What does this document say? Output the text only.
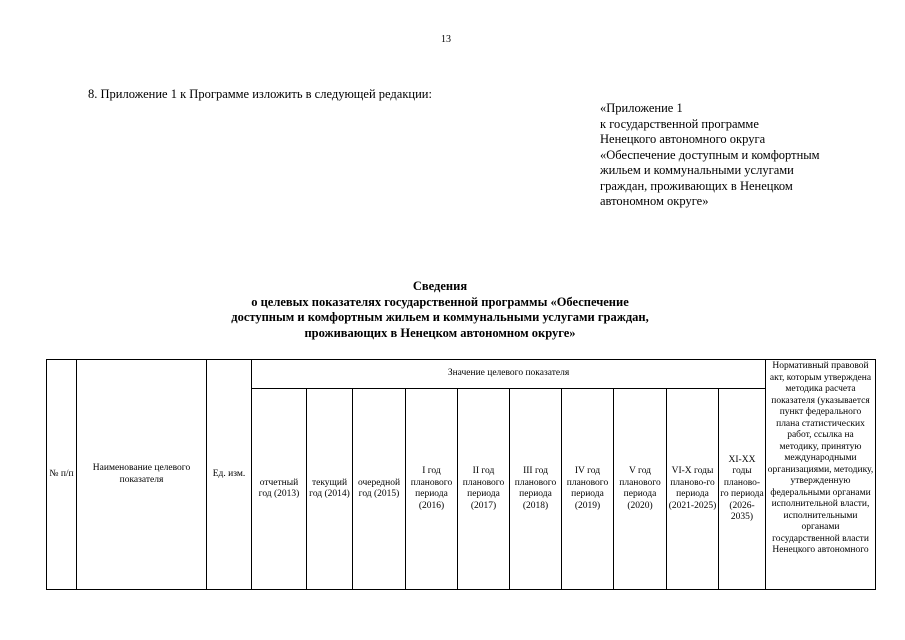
13
8. Приложение 1 к Программе изложить в следующей редакции:
«Приложение 1
к государственной программе
Ненецкого автономного округа
«Обеспечение доступным и комфортным
жильем и коммунальными услугами
граждан, проживающих в Ненецком
автономном округе»
Сведения
о целевых показателях государственной программы «Обеспечение
доступным и комфортным жильем и коммунальными услугами граждан,
проживающих в Ненецком автономном округе»
№ п/п	Наименование целевого показателя	Ед. изм.	Значение целевого показателя										Нормативный правовой акт, которым утверждена методика расчета показателя (указывается пункт федерального плана статистических работ, ссылка на методику, принятую международными организациями, методику, утвержденную федеральными органами исполнительной власти, исполнительными органами государственной власти Ненецкого автономного

			отчетный год (2013)	текущий год (2014)	очередной год (2015)	I год планового периода (2016)	II год планового периода (2017)	III год планового периода (2018)	IV год планового периода (2019)	V год планового периода (2020)	VI-X годы планово-го периода (2021-2025)	XI-XX годы планово-го периода (2026-2035)	
